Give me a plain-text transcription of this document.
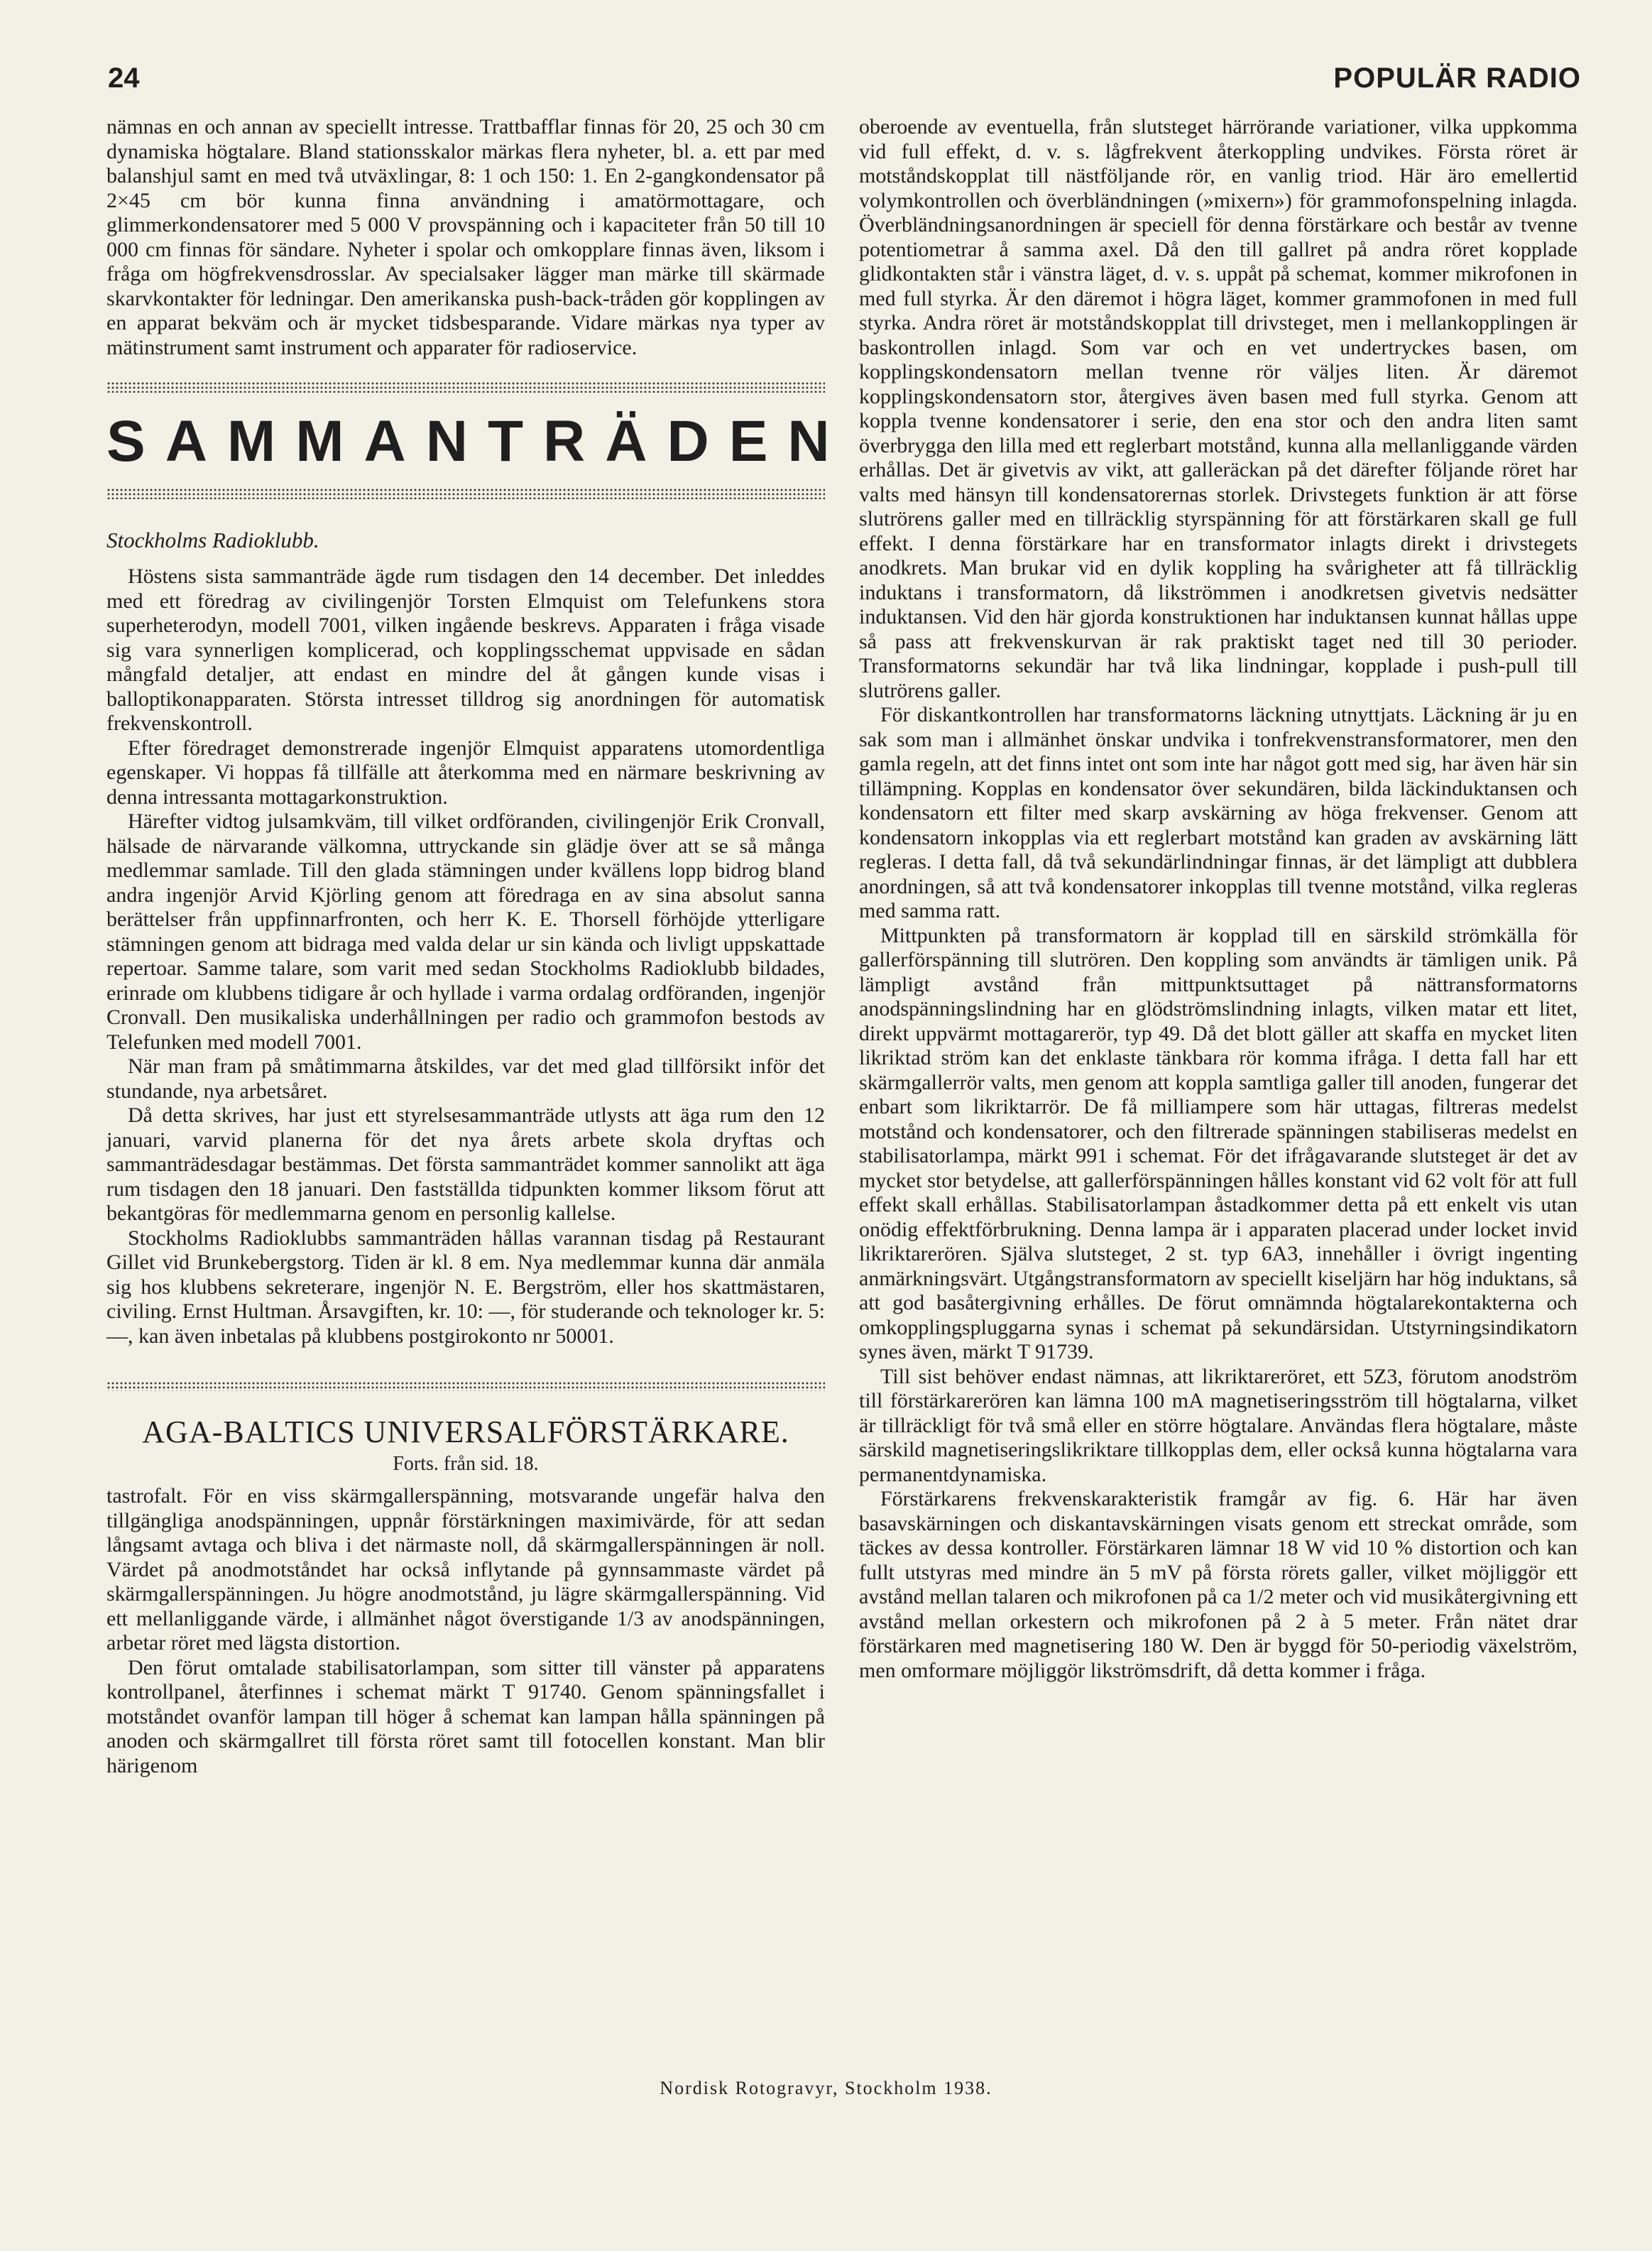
24	POPULÄR RADIO

nämnas en och annan av speciellt intresse. Trattbafflar finnas för 20, 25 och 30 cm dynamiska högtalare. Bland stationsskalor märkas flera nyheter, bl. a. ett par med balanshjul samt en med två utväxlingar, 8: 1 och 150: 1. En 2-gangkondensator på 2×45 cm bör kunna finna användning i amatörmottagare, och glimmerkondensatorer med 5 000 V provspänning och i kapaciteter från 50 till 10 000 cm finnas för sändare. Nyheter i spolar och omkopplare finnas även, liksom i fråga om högfrekvensdrosslar. Av specialsaker lägger man märke till skärmade skarvkontakter för ledningar. Den amerikanska push-back-tråden gör kopplingen av en apparat bekväm och är mycket tidsbesparande. Vidare märkas nya typer av mätinstrument samt instrument och apparater för radioservice.

SAMMANTRÄDEN
Stockholms Radioklubb.

Höstens sista sammanträde ägde rum tisdagen den 14 december. Det inleddes med ett föredrag av civilingenjör Torsten Elmquist om Telefunkens stora superheterodyn, modell 7001, vilken ingående beskrevs. Apparaten i fråga visade sig vara synnerligen komplicerad, och kopplingsschemat uppvisade en sådan mångfald detaljer, att endast en mindre del åt gången kunde visas i balloptikonapparaten. Största intresset tilldrog sig anordningen för automatisk frekvenskontroll.

Efter föredraget demonstrerade ingenjör Elmquist apparatens utomordentliga egenskaper. Vi hoppas få tillfälle att återkomma med en närmare beskrivning av denna intressanta mottagarkonstruktion.

Härefter vidtog julsamkväm, till vilket ordföranden, civilingenjör Erik Cronvall, hälsade de närvarande välkomna, uttryckande sin glädje över att se så många medlemmar samlade. Till den glada stämningen under kvällens lopp bidrog bland andra ingenjör Arvid Kjörling genom att föredraga en av sina absolut sanna berättelser från uppfinnarfronten, och herr K. E. Thorsell förhöjde ytterligare stämningen genom att bidraga med valda delar ur sin kända och livligt uppskattade repertoar. Samme talare, som varit med sedan Stockholms Radioklubb bildades, erinrade om klubbens tidigare år och hyllade i varma ordalag ordföranden, ingenjör Cronvall. Den musikaliska underhållningen per radio och grammofon bestods av Telefunken med modell 7001.

När man fram på småtimmarna åtskildes, var det med glad tillförsikt inför det stundande, nya arbetsåret.

Då detta skrives, har just ett styrelsesammanträde utlysts att äga rum den 12 januari, varvid planerna för det nya årets arbete skola dryftas och sammanträdesdagar bestämmas. Det första sammanträdet kommer sannolikt att äga rum tisdagen den 18 januari. Den fastställda tidpunkten kommer liksom förut att bekantgöras för medlemmarna genom en personlig kallelse.

Stockholms Radioklubbs sammanträden hållas varannan tisdag på Restaurant Gillet vid Brunkebergstorg. Tiden är kl. 8 em. Nya medlemmar kunna där anmäla sig hos klubbens sekreterare, ingenjör N. E. Bergström, eller hos skattmästaren, civiling. Ernst Hultman. Årsavgiften, kr. 10: —, för studerande och teknologer kr. 5: —, kan även inbetalas på klubbens postgirokonto nr 50001.

AGA-BALTICS UNIVERSALFÖRSTÄRKARE.
Forts. från sid. 18.

tastrofalt. För en viss skärmgallerspänning, motsvarande ungefär halva den tillgängliga anodspänningen, uppnår förstärkningen maximivärde, för att sedan långsamt avtaga och bliva i det närmaste noll, då skärmgallerspänningen är noll. Värdet på anodmotståndet har också inflytande på gynnsammaste värdet på skärmgallerspänningen. Ju högre anodmotstånd, ju lägre skärmgallerspänning. Vid ett mellanliggande värde, i allmänhet något överstigande 1/3 av anodspänningen, arbetar röret med lägsta distortion.

Den förut omtalade stabilisatorlampan, som sitter till vänster på apparatens kontrollpanel, återfinnes i schemat märkt T 91740. Genom spänningsfallet i motståndet ovanför lampan till höger å schemat kan lampan hålla spänningen på anoden och skärmgallret till första röret samt till fotocellen konstant. Man blir härigenom

oberoende av eventuella, från slutsteget härrörande variationer, vilka uppkomma vid full effekt, d. v. s. lågfrekvent återkoppling undvikes. Första röret är motståndskopplat till nästföljande rör, en vanlig triod. Här äro emellertid volymkontrollen och överbländningen (»mixern») för grammofonspelning inlagda. Överbländningsanordningen är speciell för denna förstärkare och består av tvenne potentiometrar å samma axel. Då den till gallret på andra röret kopplade glidkontakten står i vänstra läget, d. v. s. uppåt på schemat, kommer mikrofonen in med full styrka. Är den däremot i högra läget, kommer grammofonen in med full styrka. Andra röret är motståndskopplat till drivsteget, men i mellankopplingen är baskontrollen inlagd. Som var och en vet undertryckes basen, om kopplingskondensatorn mellan tvenne rör väljes liten. Är däremot kopplingskondensatorn stor, återgives även basen med full styrka. Genom att koppla tvenne kondensatorer i serie, den ena stor och den andra liten samt överbrygga den lilla med ett reglerbart motstånd, kunna alla mellanliggande värden erhållas. Det är givetvis av vikt, att galleräckan på det därefter följande röret har valts med hänsyn till kondensatorernas storlek. Drivstegets funktion är att förse slutrörens galler med en tillräcklig styrspänning för att förstärkaren skall ge full effekt. I denna förstärkare har en transformator inlagts direkt i drivstegets anodkrets. Man brukar vid en dylik koppling ha svårigheter att få tillräcklig induktans i transformatorn, då likströmmen i anodkretsen givetvis nedsätter induktansen. Vid den här gjorda konstruktionen har induktansen kunnat hållas uppe så pass att frekvenskurvan är rak praktiskt taget ned till 30 perioder. Transformatorns sekundär har två lika lindningar, kopplade i push-pull till slutrörens galler.

För diskantkontrollen har transformatorns läckning utnyttjats. Läckning är ju en sak som man i allmänhet önskar undvika i tonfrekvenstransformatorer, men den gamla regeln, att det finns intet ont som inte har något gott med sig, har även här sin tillämpning. Kopplas en kondensator över sekundären, bilda läckinduktansen och kondensatorn ett filter med skarp avskärning av höga frekvenser. Genom att kondensatorn inkopplas via ett reglerbart motstånd kan graden av avskärning lätt regleras. I detta fall, då två sekundärlindningar finnas, är det lämpligt att dubblera anordningen, så att två kondensatorer inkopplas till tvenne motstånd, vilka regleras med samma ratt.

Mittpunkten på transformatorn är kopplad till en särskild strömkälla för gallerförspänning till slutrören. Den koppling som användts är tämligen unik. På lämpligt avstånd från mittpunktsuttaget på nättransformatorns anodspänningslindning har en glödströmslindning inlagts, vilken matar ett litet, direkt uppvärmt mottagarerör, typ 49. Då det blott gäller att skaffa en mycket liten likriktad ström kan det enklaste tänkbara rör komma ifråga. I detta fall har ett skärmgallerrör valts, men genom att koppla samtliga galler till anoden, fungerar det enbart som likriktarrör. De få milliampere som här uttagas, filtreras medelst motstånd och kondensatorer, och den filtrerade spänningen stabiliseras medelst en stabilisatorlampa, märkt 991 i schemat. För det ifrågavarande slutsteget är det av mycket stor betydelse, att gallerförspänningen hålles konstant vid 62 volt för att full effekt skall erhållas. Stabilisatorlampan åstadkommer detta på ett enkelt vis utan onödig effektförbrukning. Denna lampa är i apparaten placerad under locket invid likriktarerören. Själva slutsteget, 2 st. typ 6A3, innehåller i övrigt ingenting anmärkningsvärt. Utgångstransformatorn av speciellt kiseljärn har hög induktans, så att god basåtergivning erhålles. De förut omnämnda högtalarekontakterna och omkopplingspluggarna synas i schemat på sekundärsidan. Utstyrningsindikatorn synes även, märkt T 91739.

Till sist behöver endast nämnas, att likriktareröret, ett 5Z3, förutom anodström till förstärkarerören kan lämna 100 mA magnetiseringsström till högtalarna, vilket är tillräckligt för två små eller en större högtalare. Användas flera högtalare, måste särskild magnetiseringslikriktare tillkopplas dem, eller också kunna högtalarna vara permanentdynamiska.

Förstärkarens frekvenskarakteristik framgår av fig. 6. Här har även basavskärningen och diskantavskärningen visats genom ett streckat område, som täckes av dessa kontroller. Förstärkaren lämnar 18 W vid 10 % distortion och kan fullt utstyras med mindre än 5 mV på första rörets galler, vilket möjliggör ett avstånd mellan talaren och mikrofonen på ca 1/2 meter och vid musikåtergivning ett avstånd mellan orkestern och mikrofonen på 2 à 5 meter. Från nätet drar förstärkaren med magnetisering 180 W. Den är byggd för 50-periodig växelström, men omformare möjliggör likströmsdrift, då detta kommer i fråga.

Nordisk Rotogravyr, Stockholm 1938.
